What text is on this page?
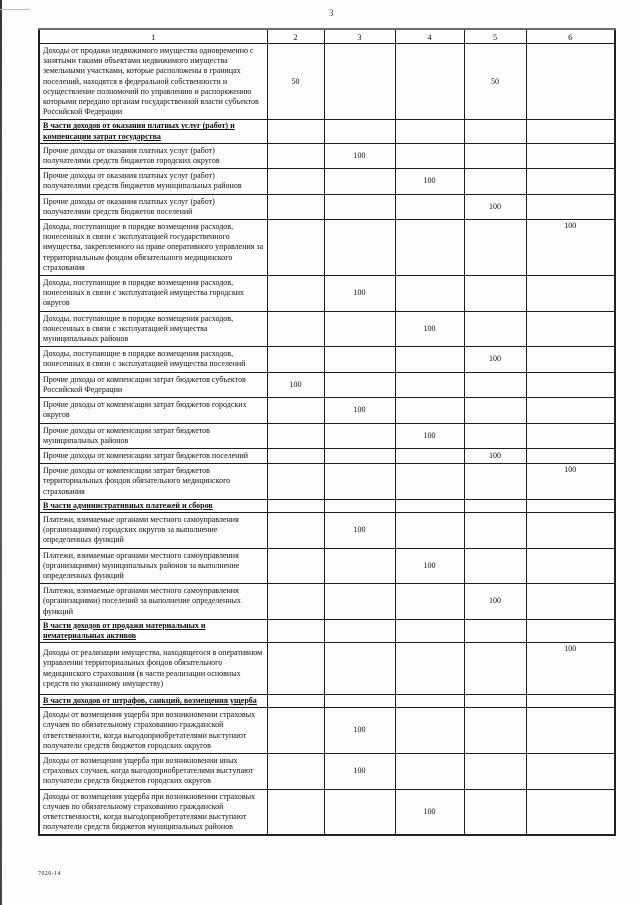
3
1	2	3	4	5	6
Доходы от продажи недвижимого имущества одновременно с занятыми такими объектами недвижимого имущества земельными участками, которые расположены в границах поселений, находятся в федеральной собственности и осуществление полномочий по управлению и распоряжению которыми передано органам государственной власти субъектов Российской Федерации	50			50	
В части доходов от оказания платных услуг (работ) и компенсации затрат государства					
Прочие доходы от оказания платных услуг (работ) получателями средств бюджетов городских округов		100			
Прочие доходы от оказания платных услуг (работ) получателями средств бюджетов муниципальных районов			100		
Прочие доходы от оказания платных услуг (работ) получателями средств бюджетов поселений				100	
Доходы, поступающие в порядке возмещения расходов, понесенных в связи с эксплуатацией государственного имущества, закрепленного на праве оперативного управления за территориальным фондом обязательного медицинского страхования					100
Доходы, поступающие в порядке возмещения расходов, понесенных в связи с эксплуатацией имущества городских округов		100			
Доходы, поступающие в порядке возмещения расходов, понесенных в связи с эксплуатацией имущества муниципальных районов			100		
Доходы, поступающие в порядке возмещения расходов, понесенных в связи с эксплуатацией имущества поселений				100	
Прочие доходы от компенсации затрат бюджетов субъектов Российской Федерации	100				
Прочие доходы от компенсации затрат бюджетов городских округов		100			
Прочие доходы от компенсации затрат бюджетов муниципальных районов			100		
Прочие доходы от компенсации затрат бюджетов поселений				100	
Прочие доходы от компенсации затрат бюджетов территориальных фондов обязательного медицинского страхования					100
В части административных платежей и сборов					
Платежи, взимаемые органами местного самоуправления (организациями) городских округов за выполнение определенных функций		100			
Платежи, взимаемые органами местного самоуправления (организациями) муниципальных районов за выполнение определенных функций			100		
Платежи, взимаемые органами местного самоуправления (организациями) поселений за выполнение определенных функций				100	
В части доходов от продажи материальных и нематериальных активов					
Доходы от реализации имущества, находящегося в оперативном управлении территориальных фондов обязательного медицинского страхования (в части реализации основных средств по указанному имуществу)					100
В части доходов от штрафов, санкций, возмещения ущерба					
Доходы от возмещения ущерба при возникновении страховых случаев по обязательному страхованию гражданской ответственности, когда выгодоприобретателями выступают получатели средств бюджетов городских округов		100			
Доходы от возмещения ущерба при возникновении иных страховых случаев, когда выгодоприобретателями выступают получатели средств бюджетов городских округов		100			
Доходы от возмещения ущерба при возникновении страховых случаев по обязательному страхованию гражданской ответственности, когда выгодоприобретателями выступают получатели средств бюджетов муниципальных районов			100		
7020-14
